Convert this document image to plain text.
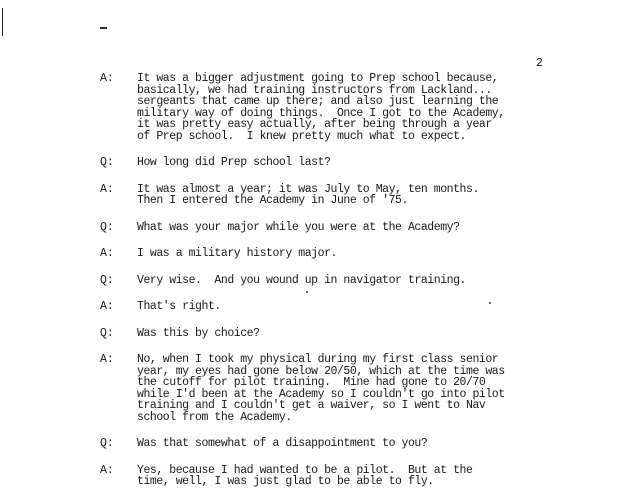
2
A:	It was a bigger adjustment going to Prep school because,
basically, we had training instructors from Lackland...
sergeants that came up there; and also just learning the
military way of doing things.  Once I got to the Academy,
it was pretty easy actually, after being through a year
of Prep school.  I knew pretty much what to expect.
Q:	How long did Prep school last?
A:	It was almost a year; it was July to May, ten months.
Then I entered the Academy in June of '75.
Q:	What was your major while you were at the Academy?
A:	I was a military history major.
Q:	Very wise.  And you wound up in navigator training.
A:	That's right.
Q:	Was this by choice?
A:	No, when I took my physical during my first class senior
year, my eyes had gone below 20/50, which at the time was
the cutoff for pilot training.  Mine had gone to 20/70
while I'd been at the Academy so I couldn't go into pilot
training and I couldn't get a waiver, so I went to Nav
school from the Academy.
Q:	Was that somewhat of a disappointment to you?
A:	Yes, because I had wanted to be a pilot.  But at the
time, well, I was just glad to be able to fly.
